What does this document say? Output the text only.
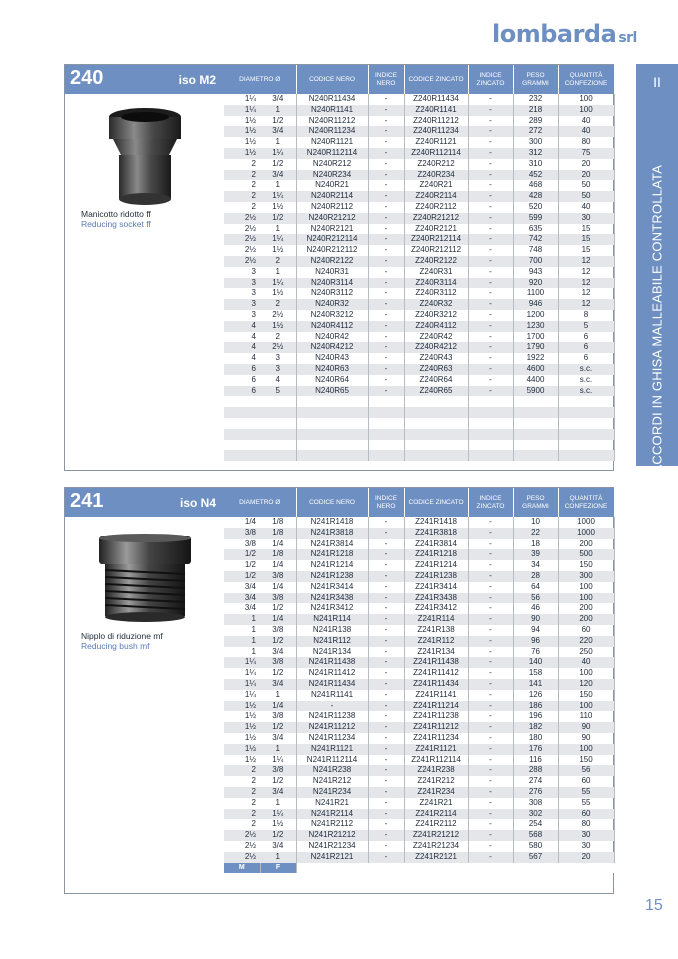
lombarda srl
II
RACCORDI IN GHISA MALLEABILE CONTROLLATA
240	iso M2
Manicotto ridotto ff
Reducing socket ff
DIAMETRO Ø		CODICE NERO	INDICE NERO	CODICE ZINCATO	INDICE ZINCATO	PESO GRAMMI	QUANTITÀ CONFEZIONE
1¼	3/4	N240R11434	-	Z240R11434	-	232	100
1¼	1	N240R1141	-	Z240R1141	-	218	100
1½	1/2	N240R11212	-	Z240R11212	-	289	40
1½	3/4	N240R11234	-	Z240R11234	-	272	40
1½	1	N240R1121	-	Z240R1121	-	300	80
1½	1¼	N240R112114	-	Z240R112114	-	312	75
2	1/2	N240R212	-	Z240R212	-	310	20
2	3/4	N240R234	-	Z240R234	-	452	20
2	1	N240R21	-	Z240R21	-	468	50
2	1¼	N240R2114	-	Z240R2114	-	428	50
2	1½	N240R2112	-	Z240R2112	-	520	40
2½	1/2	N240R21212	-	Z240R21212	-	599	30
2½	1	N240R2121	-	Z240R2121	-	635	15
2½	1¼	N240R212114	-	Z240R212114	-	742	15
2½	1½	N240R212112	-	Z240R212112	-	748	15
2½	2	N240R2122	-	Z240R2122	-	700	12
3	1	N240R31	-	Z240R31	-	943	12
3	1¼	N240R3114	-	Z240R3114	-	920	12
3	1½	N240R3112	-	Z240R3112	-	1100	12
3	2	N240R32	-	Z240R32	-	946	12
3	2½	N240R3212	-	Z240R3212	-	1200	8
4	1½	N240R4112	-	Z240R4112	-	1230	5
4	2	N240R42	-	Z240R42	-	1700	6
4	2½	N240R4212	-	Z240R4212	-	1790	6
4	3	N240R43	-	Z240R43	-	1922	6
6	3	N240R63	-	Z240R63	-	4600	s.c.
6	4	N240R64	-	Z240R64	-	4400	s.c.
6	5	N240R65	-	Z240R65	-	5900	s.c.

241	iso N4
Nipplo di riduzione mf
Reducing bush mf
DIAMETRO Ø		CODICE NERO	INDICE NERO	CODICE ZINCATO	INDICE ZINCATO	PESO GRAMMI	QUANTITÀ CONFEZIONE
1/4	1/8	N241R1418	-	Z241R1418	-	10	1000
3/8	1/8	N241R3818	-	Z241R3818	-	22	1000
3/8	1/4	N241R3814	-	Z241R3814	-	18	200
1/2	1/8	N241R1218	-	Z241R1218	-	39	500
1/2	1/4	N241R1214	-	Z241R1214	-	34	150
1/2	3/8	N241R1238	-	Z241R1238	-	28	300
3/4	1/4	N241R3414	-	Z241R3414	-	64	100
3/4	3/8	N241R3438	-	Z241R3438	-	56	100
3/4	1/2	N241R3412	-	Z241R3412	-	46	200
1	1/4	N241R114	-	Z241R114	-	90	200
1	3/8	N241R138	-	Z241R138	-	94	60
1	1/2	N241R112	-	Z241R112	-	96	220
1	3/4	N241R134	-	Z241R134	-	76	250
1¼	3/8	N241R11438	-	Z241R11438	-	140	40
1¼	1/2	N241R11412	-	Z241R11412	-	158	100
1¼	3/4	N241R11434	-	Z241R11434	-	141	120
1¼	1	N241R1141	-	Z241R1141	-	126	150
1½	1/4	-	-	Z241R11214	-	186	100
1½	3/8	N241R11238	-	Z241R11238	-	196	110
1½	1/2	N241R11212	-	Z241R11212	-	182	90
1½	3/4	N241R11234	-	Z241R11234	-	180	90
1½	1	N241R1121	-	Z241R1121	-	176	100
1½	1¼	N241R112114	-	Z241R112114	-	116	150
2	3/8	N241R238	-	Z241R238	-	288	56
2	1/2	N241R212	-	Z241R212	-	274	60
2	3/4	N241R234	-	Z241R234	-	276	55
2	1	N241R21	-	Z241R21	-	308	55
2	1¼	N241R2114	-	Z241R2114	-	302	60
2	1½	N241R2112	-	Z241R2112	-	254	80
2½	1/2	N241R21212	-	Z241R21212	-	568	30
2½	3/4	N241R21234	-	Z241R21234	-	580	30
2½	1	N241R2121	-	Z241R2121	-	567	20
M	F						
15
